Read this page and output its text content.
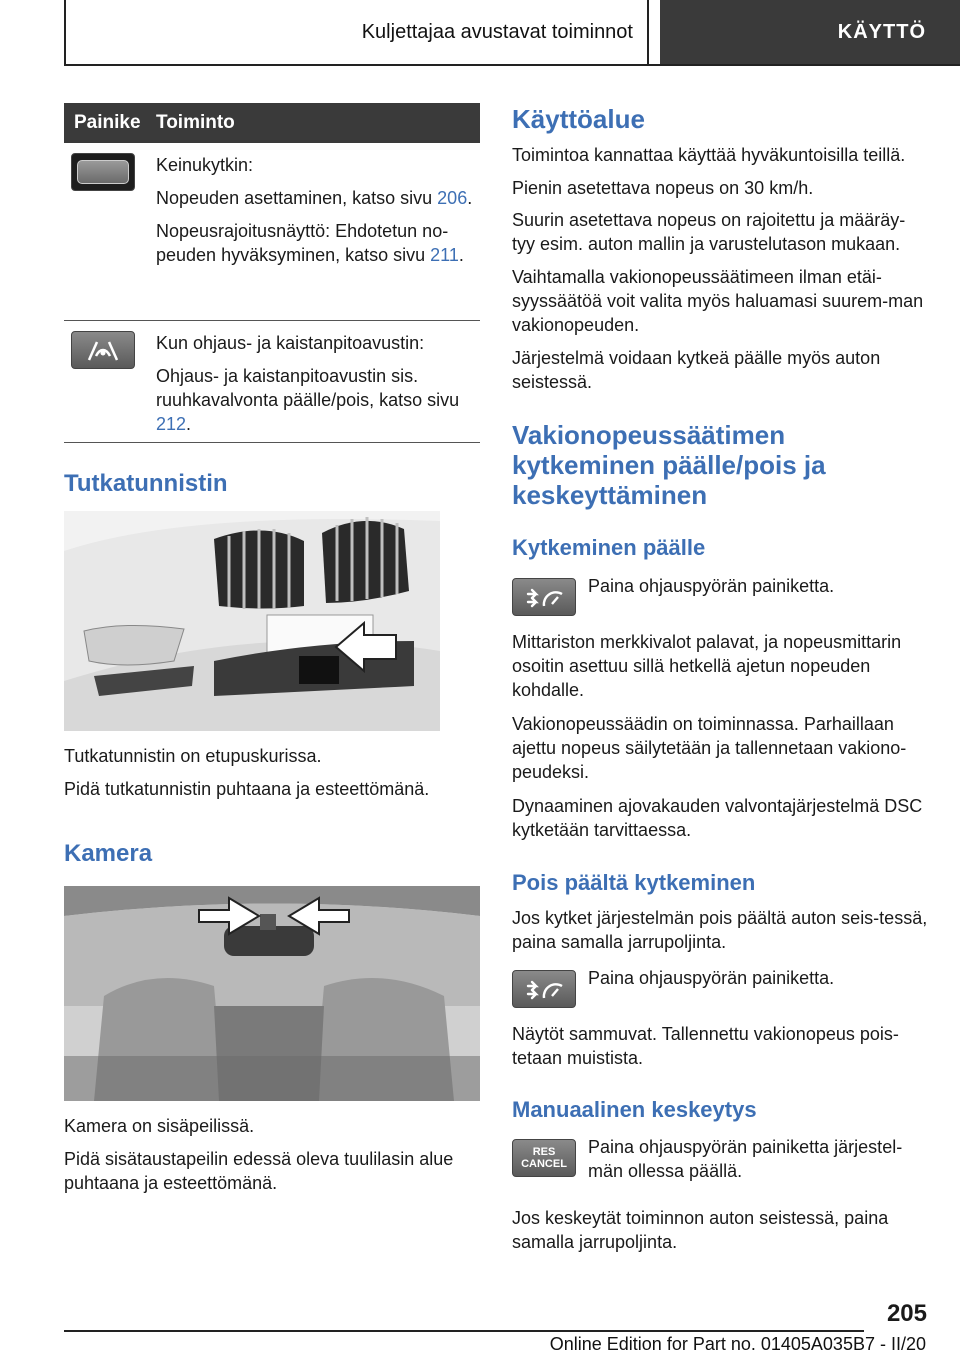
Kuljettajaa avustavat toiminnot	KÄYTTÖ
Painike Toiminto

Keinukytkin:

Nopeuden asettaminen, katso sivu 206.

Nopeusrajoitusnäyttö: Ehdotetun no-peuden hyväksyminen, katso sivu 211.

Kun ohjaus- ja kaistanpitoavustin:

Ohjaus- ja kaistanpitoavustin sis. ruuhkavalvonta päälle/pois, katso sivu 212.

Tutkatunnistin
Tutkatunnistin on etupuskurissa.
Pidä tutkatunnistin puhtaana ja esteettömänä.
Kamera
Kamera on sisäpeilissä.
Pidä sisätaustapeilin edessä oleva tuulilasin alue puhtaana ja esteettömänä.
Käyttöalue
Toimintoa kannattaa käyttää hyväkuntoisilla teillä.
Pienin asetettava nopeus on 30 km/h.
Suurin asetettava nopeus on rajoitettu ja määräy-tyy esim. auton mallin ja varustelutason mukaan.
Vaihtamalla vakionopeussäätimeen ilman etäi-syyssäätöä voit valita myös haluamasi suurem-man vakionopeuden.
Järjestelmä voidaan kytkeä päälle myös auton seistessä.
Vakionopeussäätimen
kytkeminen päälle/pois ja
keskeyttäminen
Kytkeminen päälle
Paina ohjauspyörän painiketta.
Mittariston merkkivalot palavat, ja nopeusmittarin osoitin asettuu sillä hetkellä ajetun nopeuden kohdalle.
Vakionopeussäädin on toiminnassa. Parhaillaan ajettu nopeus säilytetään ja tallennetaan vakiono-peudeksi.
Dynaaminen ajovakauden valvontajärjestelmä DSC kytketään tarvittaessa.
Pois päältä kytkeminen
Jos kytket järjestelmän pois päältä auton seis-tessä, paina samalla jarrupoljinta.
Paina ohjauspyörän painiketta.
Näytöt sammuvat. Tallennettu vakionopeus pois-tetaan muistista.
Manuaalinen keskeytys
RES
CANCEL
Paina ohjauspyörän painiketta järjestel-män ollessa päällä.
Jos keskeytät toiminnon auton seistessä, paina samalla jarrupoljinta.
205
Online Edition for Part no. 01405A035B7 - II/20
